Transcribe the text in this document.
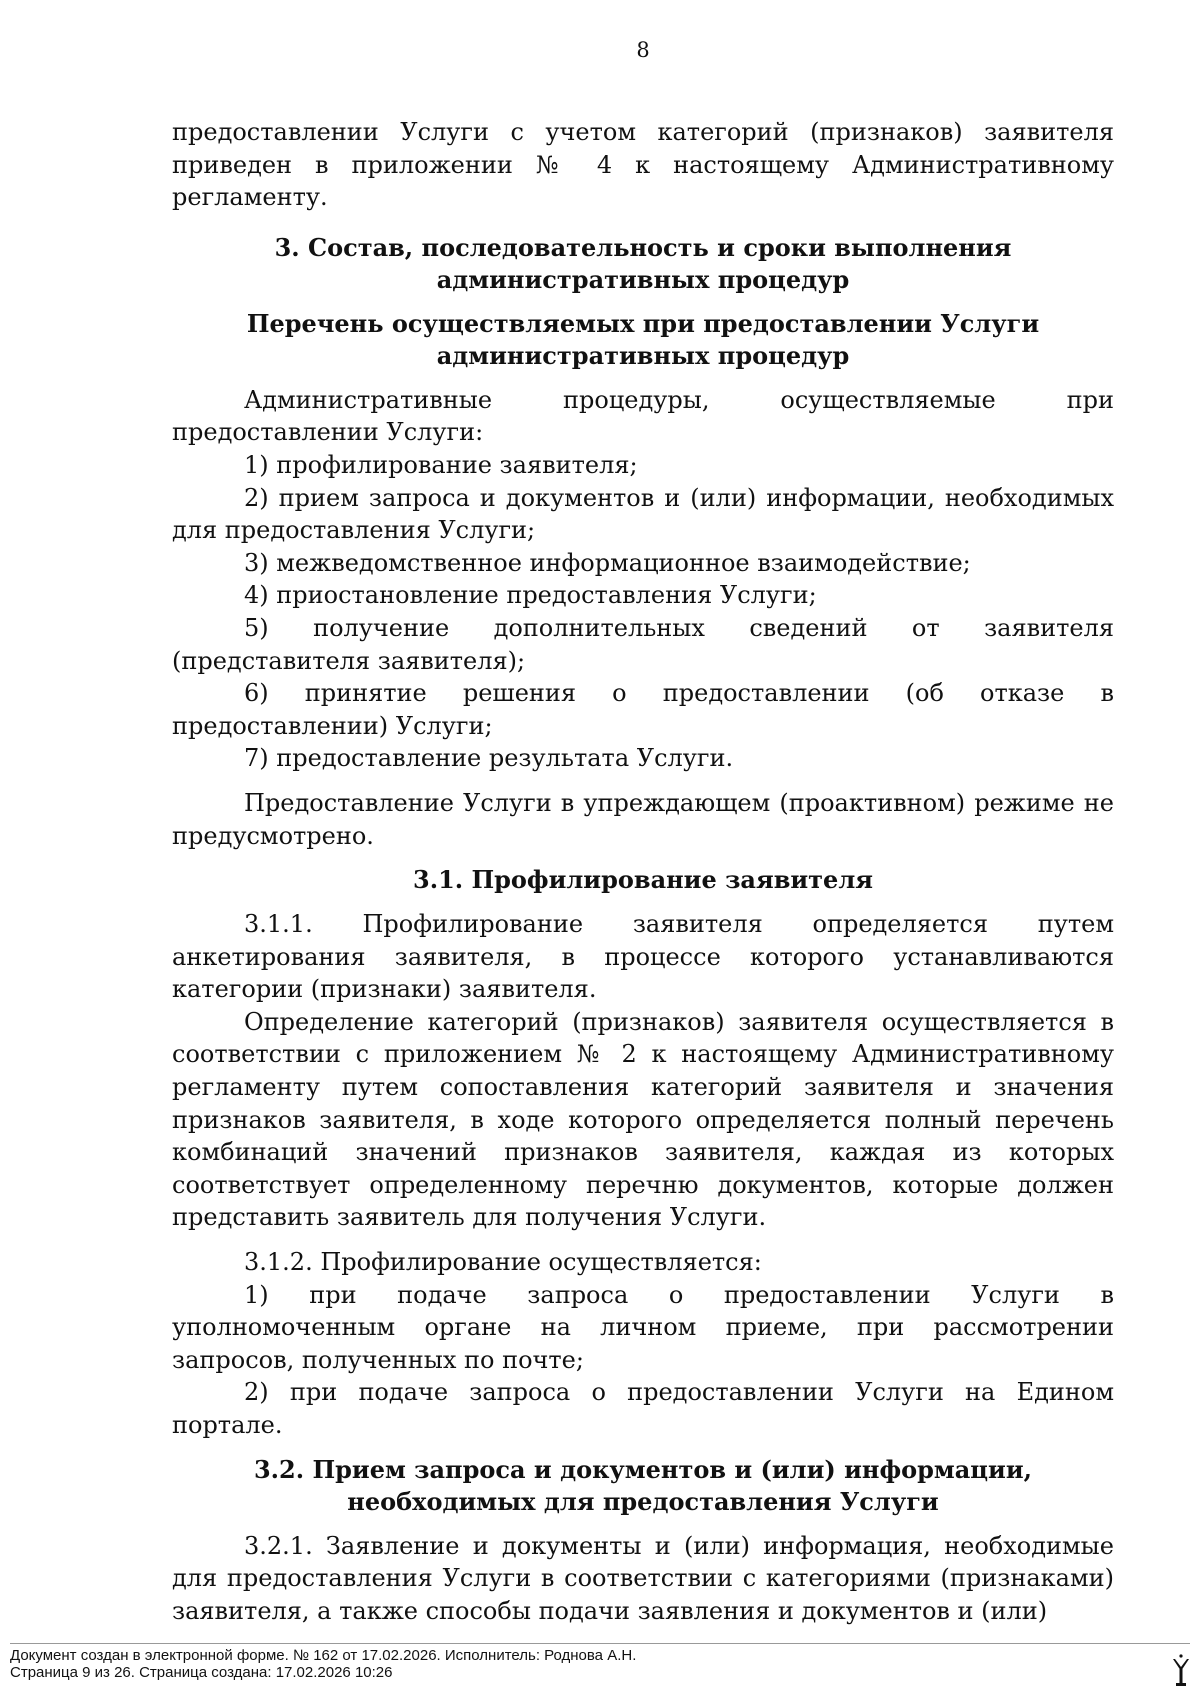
8

предоставлении Услуги с учетом категорий (признаков) заявителя приведен в приложении № 4 к настоящему Административному регламенту.

3. Состав, последовательность и сроки выполнения административных процедур
Перечень осуществляемых при предоставлении Услуги административных процедур

Административные процедуры, осуществляемые при предоставлении Услуги:

1) профилирование заявителя;

2) прием запроса и документов и (или) информации, необходимых для предоставления Услуги;

3) межведомственное информационное взаимодействие;

4) приостановление предоставления Услуги;

5) получение дополнительных сведений от заявителя (представителя заявителя);

6) принятие решения о предоставлении (об отказе в предоставлении) Услуги;

7) предоставление результата Услуги.

Предоставление Услуги в упреждающем (проактивном) режиме не предусмотрено.

3.1. Профилирование заявителя

3.1.1. Профилирование заявителя определяется путем анкетирования заявителя, в процессе которого устанавливаются категории (признаки) заявителя.

Определение категорий (признаков) заявителя осуществляется в соответствии с приложением № 2 к настоящему Административному регламенту путем сопоставления категорий заявителя и значения признаков заявителя, в ходе которого определяется полный перечень комбинаций значений признаков заявителя, каждая из которых соответствует определенному перечню документов, которые должен представить заявитель для получения Услуги.

3.1.2. Профилирование осуществляется:

1) при подаче запроса о предоставлении Услуги в уполномоченным органе на личном приеме, при рассмотрении запросов, полученных по почте;

2) при подаче запроса о предоставлении Услуги на Едином портале.

3.2. Прием запроса и документов и (или) информации, необходимых для предоставления Услуги

3.2.1. Заявление и документы и (или) информация, необходимые для предоставления Услуги в соответствии с категориями (признаками) заявителя, а также способы подачи заявления и документов и (или)

Документ создан в электронной форме. № 162 от 17.02.2026. Исполнитель: Роднова А.Н.
Страница 9 из 26. Страница создана: 17.02.2026 10:26
